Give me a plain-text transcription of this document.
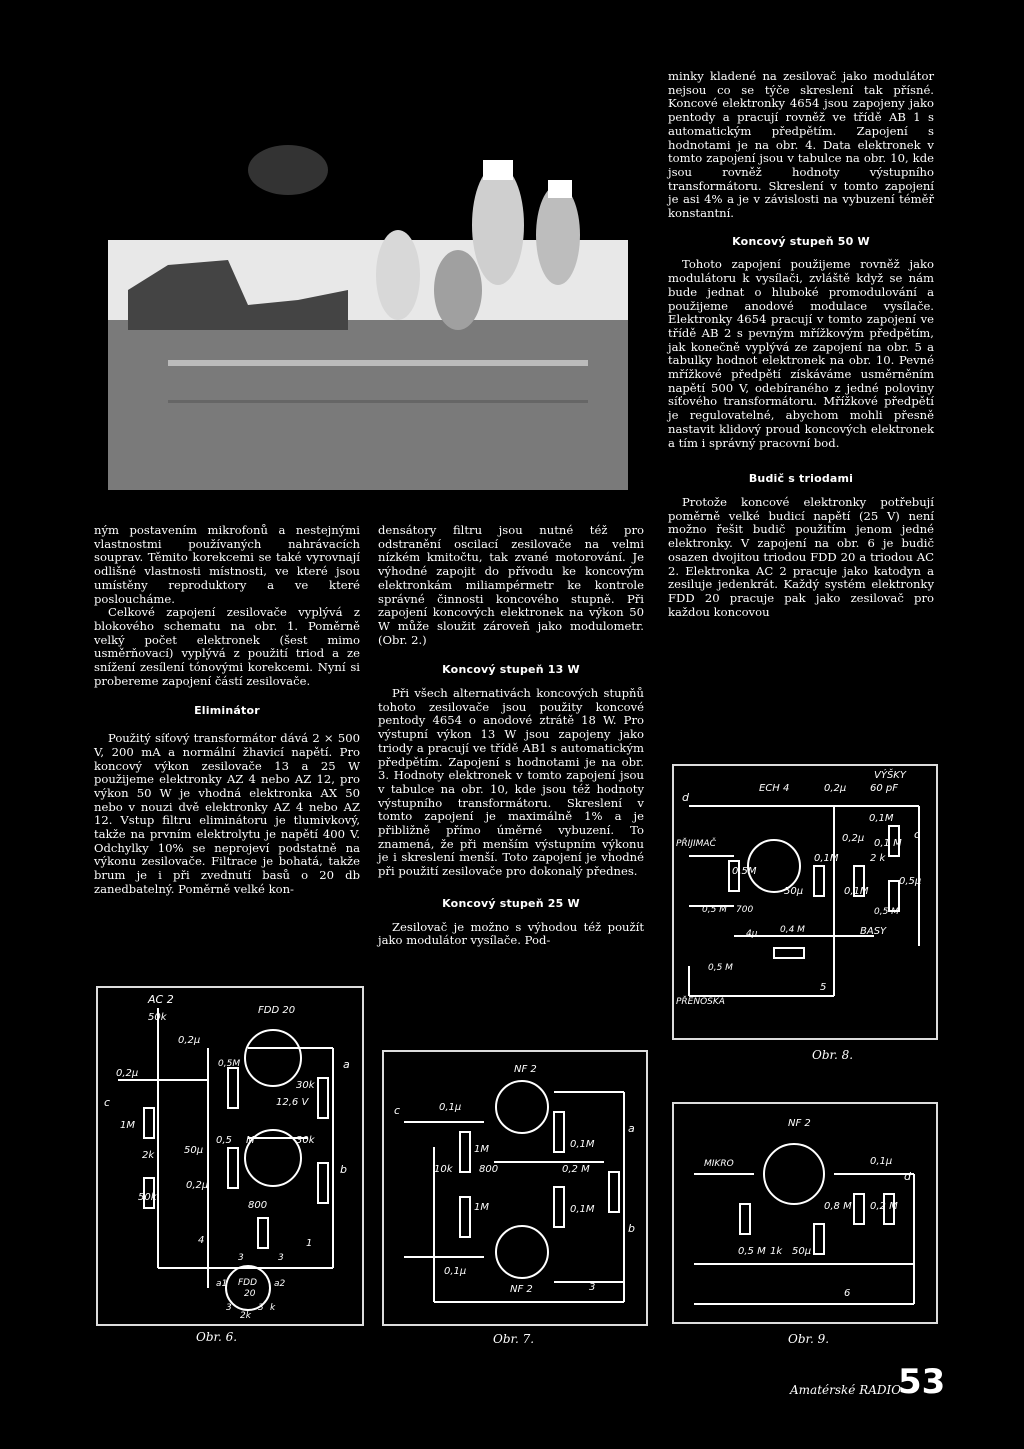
minky kladené na zesilovač jako modulátor nejsou co se týče skreslení tak přísné. Koncové elektronky 4654 jsou zapojeny jako pentody a pracují rovněž ve třídě AB 1 s automatickým předpětím. Zapojení s hodnotami je na obr. 4. Data elektronek v tomto zapojení jsou v tabulce na obr. 10, kde jsou rovněž hodnoty výstupního transformátoru. Skreslení v tomto zapojení je asi 4% a je v závislosti na vybuzení téměř konstantní.

Koncový stupeň 50 W

Tohoto zapojení použijeme rovněž jako modulátoru k vysílači, zvláště když se nám bude jednat o hluboké promodulování a použijeme anodové modulace vysílače. Elektronky 4654 pracují v tomto zapojení ve třídě AB 2 s pevným mřížkovým předpětím, jak konečně vyplývá ze zapojení na obr. 5 a tabulky hodnot elektronek na obr. 10. Pevné mřížkové předpětí získáváme usměrněním napětí 500 V, odebíraného z jedné poloviny síťového transformátoru. Mřížkové předpětí je regulovatelné, abychom mohli přesně nastavit klidový proud koncových elektronek a tím i správný pracovní bod.

Budič s triodami

Protože koncové elektronky potřebují poměrně velké budicí napětí (25 V) není možno řešit budič použitím jenom jedné elektronky. V zapojení na obr. 6 je budič osazen dvojitou triodou FDD 20 a triodou AC 2. Elektronka AC 2 pracuje jako katodyn a zesiluje jedenkrát. Každý systém elektronky FDD 20 pracuje pak jako zesilovač pro každou koncovou

ným postavením mikrofonů a nestejnými vlastnostmi používaných nahrávacích souprav. Těmito korekcemi se také vyrovnají odlišné vlastnosti místnosti, ve které jsou umístěny reproduktory a ve které posloucháme.

Celkové zapojení zesilovače vyplývá z blokového schematu na obr. 1. Poměrně velký počet elektronek (šest mimo usměrňovací) vyplývá z použití triod a ze snížení zesílení tónovými korekcemi. Nyní si probereme zapojení částí zesilovače.

Eliminátor

Použitý síťový transformátor dává 2 × 500 V, 200 mA a normální žhavicí napětí. Pro koncový výkon zesilovače 13 a 25 W použijeme elektronky AZ 4 nebo AZ 12, pro výkon 50 W je vhodná elektronka AX 50 nebo v nouzi dvě elektronky AZ 4 nebo AZ 12. Vstup filtru eliminátoru je tlumivkový, takže na prvním elektrolytu je napětí 400 V. Odchylky 10% se neprojeví podstatně na výkonu zesilovače. Filtrace je bohatá, takže brum je i při zvednutí basů o 20 db zanedbatelný. Poměrně velké kon-

densátory filtru jsou nutné též pro odstranění oscilací zesilovače na velmi nízkém kmitočtu, tak zvané motorování. Je výhodné zapojit do přívodu ke koncovým elektronkám miliampérmetr ke kontrole správné činnosti koncového stupně. Při zapojení koncových elektronek na výkon 50 W může sloužit zároveň jako modulometr. (Obr. 2.)

Koncový stupeň 13 W

Při všech alternativách koncových stupňů tohoto zesilovače jsou použity koncové pentody 4654 o anodové ztrátě 18 W. Pro výstupní výkon 13 W jsou zapojeny jako triody a pracují ve třídě AB1 s automatickým předpětím. Zapojení s hodnotami je na obr. 3. Hodnoty elektronek v tomto zapojení jsou v tabulce na obr. 10, kde jsou též hodnoty výstupního transformátoru. Skreslení v tomto zapojení je maximálně 1% a je přibližně přímo úměrné vybuzení. To znamená, že při menším výstupním výkonu je i skreslení menší. Toto zapojení je vhodné při použití zesilovače pro dokonalý přednes.

Koncový stupeň 25 W

Zesilovač je možno s výhodou též použít jako modulátor vysílače. Pod-

AC 2
FDD 20
50k
0,2µ
0,2µ
c
1M
2k	50µ
0,5M
30k
12,6 V
a
0,5 M	30k
b
0,2µ
50k
800
4
3
1
3
a1 FDD
20
a2
2k
k
3	3
Obr. 6.
NF 2
c	0,1µ
1M
10k	800
0,1M
a
0,2 M
1M	0,1M
b
0,1µ
NF 2	3
Obr. 7.
VÝŠKY
ECH 4	0,2µ 60 pF
d
PŘIJIMAČ
0,1M
c
0,2µ 0,1 M
2 k
0,5M
0,1M
50µ	0,1M
0,5µ
0,5 M 700
4µ	0,4 M
0,5 M
BASY
0,5 M
PŘENOSKA
5
Obr. 8.
NF 2
MIKRO	0,1µ
d
0,8 M 0,2 M
0,5 M 1k 50µ
6
Obr. 9.
Amatérské RADIO
53
